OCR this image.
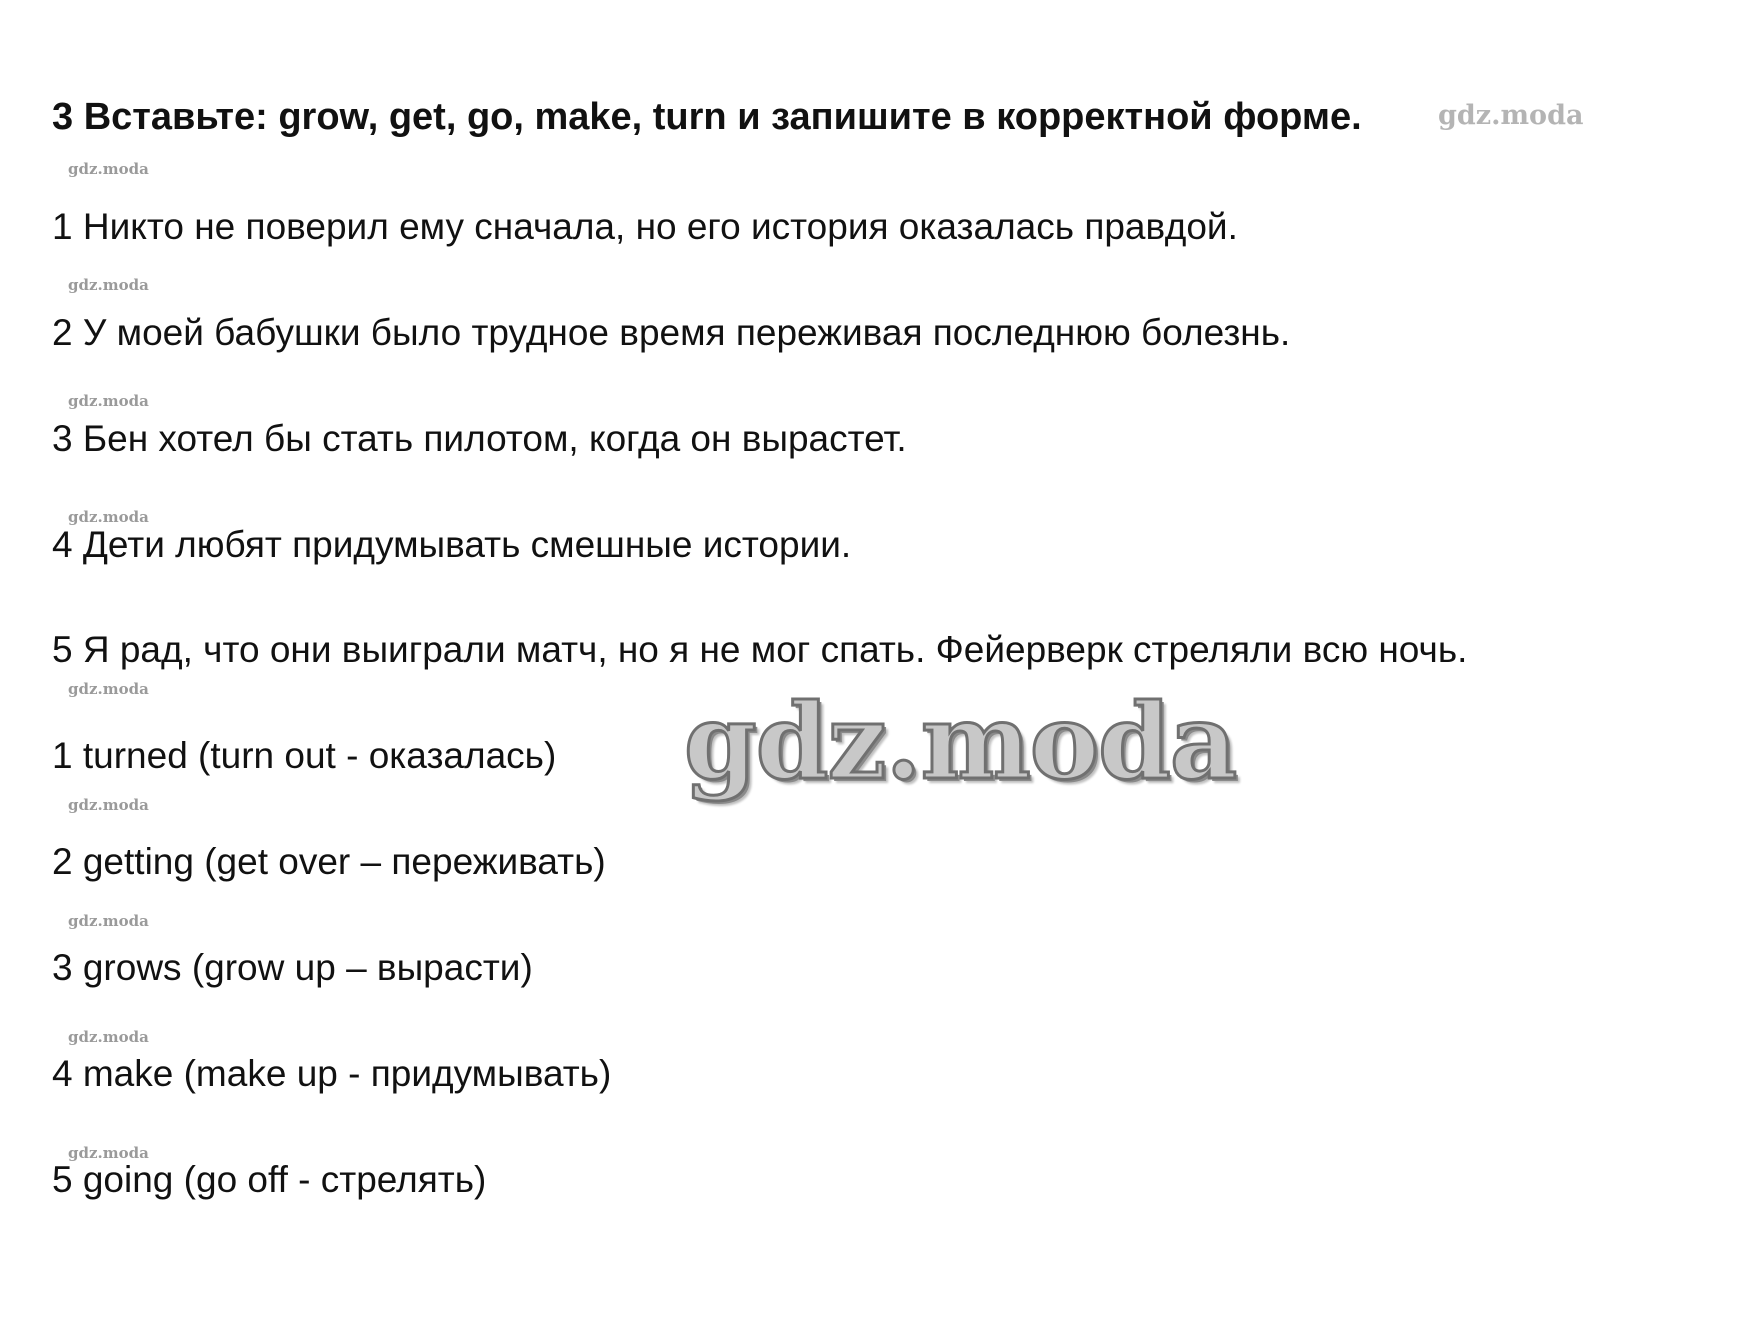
3 Вставьте: grow, get, go, make, turn и запишите в корректной форме.	gdz.moda
gdz.moda
1 Никто не поверил ему сначала, но его история оказалась правдой.
gdz.moda
2 У моей бабушки было трудное время переживая последнюю болезнь.
gdz.moda
3 Бен хотел бы стать пилотом, когда он вырастет.
gdz.moda
4 Дети любят придумывать смешные истории.
5 Я рад, что они выиграли матч, но я не мог спать. Фейерверк стреляли всю ночь.
gdz.moda	gdz.moda
1 turned (turn out - оказалась)
gdz.moda
2 getting (get over – переживать)
gdz.moda
3 grows (grow up – вырасти)
gdz.moda
4 make (make up - придумывать)
gdz.moda
5 going (go off - стрелять)
